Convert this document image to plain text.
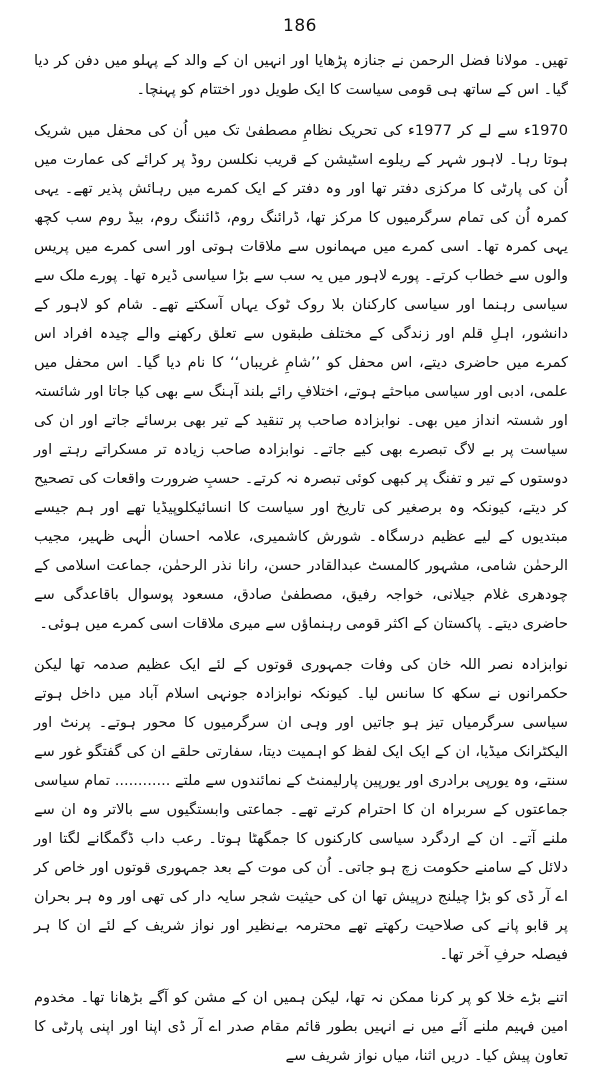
186

تھیں۔ مولانا فضل الرحمن نے جنازہ پڑھایا اور انہیں ان کے والد کے پہلو میں دفن کر دیا گیا۔ اس کے ساتھ ہی قومی سیاست کا ایک طویل دور اختتام کو پہنچا۔

1970ء سے لے کر 1977ء کی تحریک نظامِ مصطفیٰ تک میں اُن کی محفل میں شریک ہوتا رہا۔ لاہور شہر کے ریلوے اسٹیشن کے قریب نکلسن روڈ پر کرائے کی عمارت میں اُن کی پارٹی کا مرکزی دفتر تھا اور وہ دفتر کے ایک کمرے میں رہائش پذیر تھے۔ یہی کمرہ اُن کی تمام سرگرمیوں کا مرکز تھا، ڈرائنگ روم، ڈائننگ روم، بیڈ روم سب کچھ یہی کمرہ تھا۔ اسی کمرے میں مہمانوں سے ملاقات ہوتی اور اسی کمرے میں پریس والوں سے خطاب کرتے۔ پورے لاہور میں یہ سب سے بڑا سیاسی ڈیرہ تھا۔ پورے ملک سے سیاسی رہنما اور سیاسی کارکنان بلا روک ٹوک یہاں آسکتے تھے۔ شام کو لاہور کے دانشور، اہلِ قلم اور زندگی کے مختلف طبقوں سے تعلق رکھنے والے چیدہ افراد اس کمرے میں حاضری دیتے، اس محفل کو ’’شامِ غریباں‘‘ کا نام دیا گیا۔ اس محفل میں علمی، ادبی اور سیاسی مباحثے ہوتے، اختلافِ رائے بلند آہنگ سے بھی کیا جاتا اور شائستہ اور شستہ انداز میں بھی۔ نوابزادہ صاحب پر تنقید کے تیر بھی برسائے جاتے اور ان کی سیاست پر بے لاگ تبصرے بھی کیے جاتے۔ نوابزادہ صاحب زیادہ تر مسکراتے رہتے اور دوستوں کے تیر و تفنگ پر کبھی کوئی تبصرہ نہ کرتے۔ حسبِ ضرورت واقعات کی تصحیح کر دیتے، کیونکہ وہ برصغیر کی تاریخ اور سیاست کا انسائیکلوپیڈیا تھے اور ہم جیسے مبتدیوں کے لیے عظیم درسگاہ۔ شورش کاشمیری، علامہ احسان الٰہی ظہیر، مجیب الرحمٰن شامی، مشہور کالمسٹ عبدالقادر حسن، رانا نذر الرحمٰن، جماعت اسلامی کے چودھری غلام جیلانی، خواجہ رفیق، مصطفیٰ صادق، مسعود پوسوال باقاعدگی سے حاضری دیتے۔ پاکستان کے اکثر قومی رہنماؤں سے میری ملاقات اسی کمرے میں ہوئی۔

نوابزادہ نصر اللہ خان کی وفات جمہوری قوتوں کے لئے ایک عظیم صدمہ تھا لیکن حکمرانوں نے سکھ کا سانس لیا۔ کیونکہ نوابزادہ جونہی اسلام آباد میں داخل ہوتے سیاسی سرگرمیاں تیز ہو جاتیں اور وہی ان سرگرمیوں کا محور ہوتے۔ پرنٹ اور الیکٹرانک میڈیا، ان کے ایک ایک لفظ کو اہمیت دیتا، سفارتی حلقے ان کی گفتگو غور سے سنتے، وہ یورپی برادری اور یورپین پارلیمنٹ کے نمائندوں سے ملتے ............ تمام سیاسی جماعتوں کے سربراہ ان کا احترام کرتے تھے۔ جماعتی وابستگیوں سے بالاتر وہ ان سے ملنے آتے۔ ان کے اردگرد سیاسی کارکنوں کا جمگھٹا ہوتا۔ رعب داب ڈگمگانے لگتا اور دلائل کے سامنے حکومت زچ ہو جاتی۔ اُن کی موت کے بعد جمہوری قوتوں اور خاص کر اے آر ڈی کو بڑا چیلنج درپیش تھا ان کی حیثیت شجر سایہ دار کی تھی اور وہ ہر بحران پر قابو پانے کی صلاحیت رکھتے تھے محترمہ بےنظیر اور نواز شریف کے لئے ان کا ہر فیصلہ حرفِ آخر تھا۔

اتنے بڑے خلا کو پر کرنا ممکن نہ تھا، لیکن ہمیں ان کے مشن کو آگے بڑھانا تھا۔ مخدوم امین فہیم ملنے آئے میں نے انہیں بطور قائم مقام صدر اے آر ڈی اپنا اور اپنی پارٹی کا تعاون پیش کیا۔ دریں اثنا، میاں نواز شریف سے
